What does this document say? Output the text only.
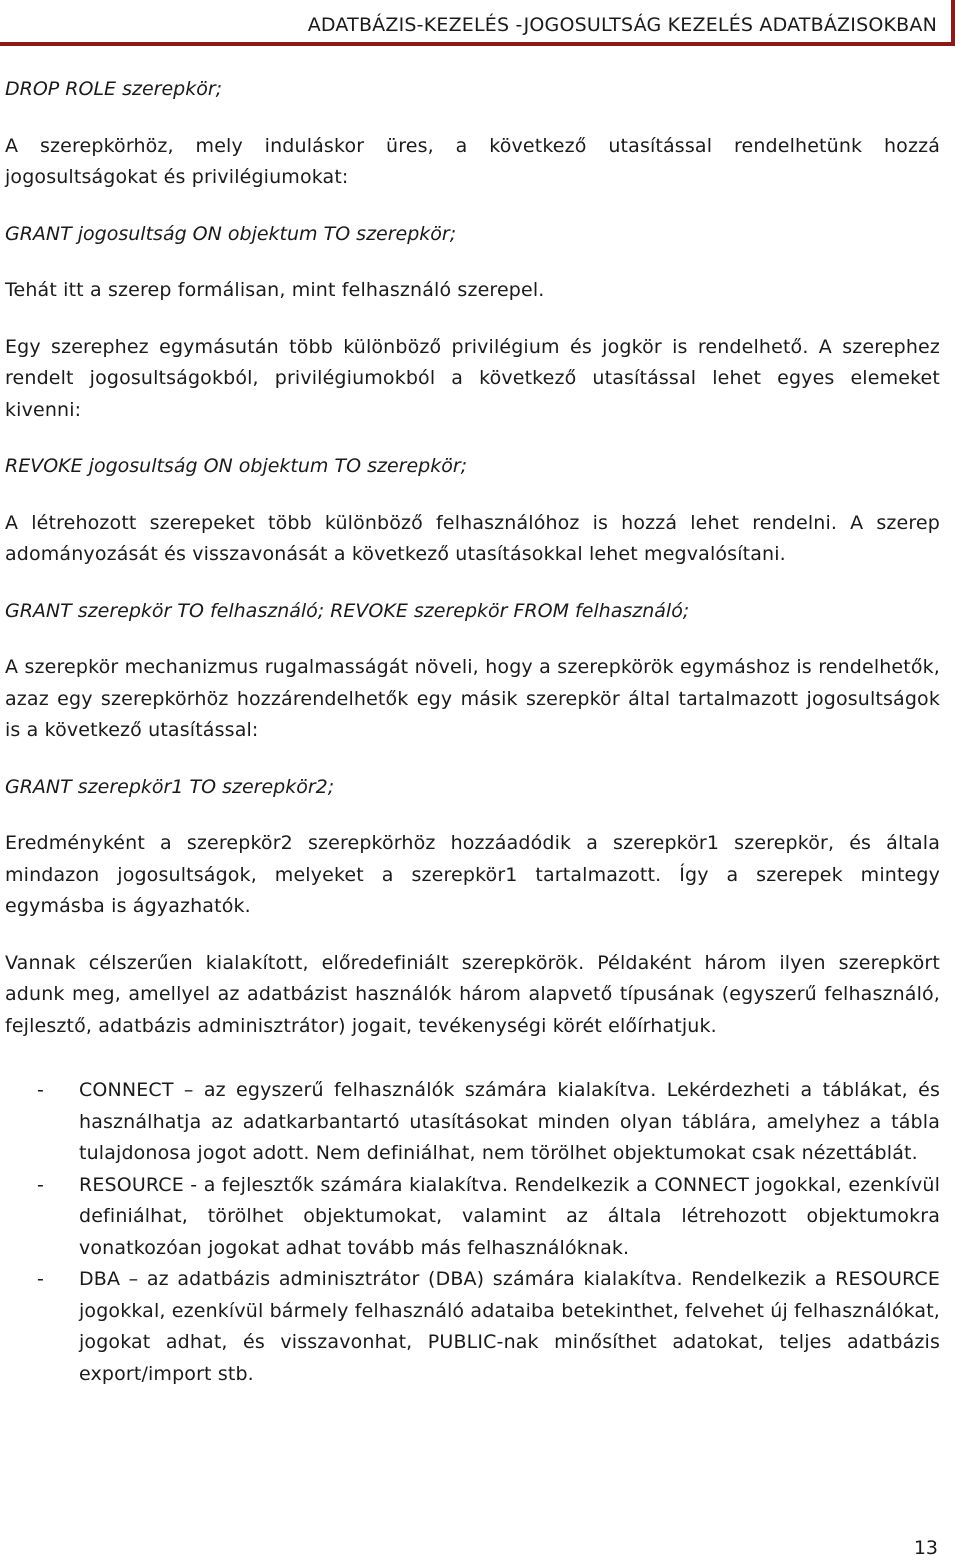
ADATBÁZIS-KEZELÉS -JOGOSULTSÁG KEZELÉS ADATBÁZISOKBAN

DROP ROLE szerepkör;

A szerepkörhöz, mely induláskor üres, a következő utasítással rendelhetünk hozzá jogosultságokat és privilégiumokat:

GRANT jogosultság ON objektum TO szerepkör;

Tehát itt a szerep formálisan, mint felhasználó szerepel.

Egy szerephez egymásután több különböző privilégium és jogkör is rendelhető. A szerephez rendelt jogosultságokból, privilégiumokból a következő utasítással lehet egyes elemeket kivenni:

REVOKE jogosultság ON objektum TO szerepkör;

A létrehozott szerepeket több különböző felhasználóhoz is hozzá lehet rendelni. A szerep adományozását és visszavonását a következő utasításokkal lehet megvalósítani.

GRANT szerepkör TO felhasználó; REVOKE szerepkör FROM felhasználó;

A szerepkör mechanizmus rugalmasságát növeli, hogy a szerepkörök egymáshoz is rendelhetők, azaz egy szerepkörhöz hozzárendelhetők egy másik szerepkör által tartalmazott jogosultságok is a következő utasítással:

GRANT szerepkör1 TO szerepkör2;

Eredményként a szerepkör2 szerepkörhöz hozzáadódik a szerepkör1 szerepkör, és általa mindazon jogosultságok, melyeket a szerepkör1 tartalmazott. Így a szerepek mintegy egymásba is ágyazhatók.

Vannak célszerűen kialakított, előredefiniált szerepkörök. Példaként három ilyen szerepkört adunk meg, amellyel az adatbázist használók három alapvető típusának (egyszerű felhasználó, fejlesztő, adatbázis adminisztrátor) jogait, tevékenységi körét előírhatjuk.

- CONNECT – az egyszerű felhasználók számára kialakítva. Lekérdezheti a táblákat, és használhatja az adatkarbantartó utasításokat minden olyan táblára, amelyhez a tábla tulajdonosa jogot adott. Nem definiálhat, nem törölhet objektumokat csak nézettáblát.

- RESOURCE - a fejlesztők számára kialakítva. Rendelkezik a CONNECT jogokkal, ezenkívül definiálhat, törölhet objektumokat, valamint az általa létrehozott objektumokra vonatkozóan jogokat adhat tovább más felhasználóknak.

- DBA – az adatbázis adminisztrátor (DBA) számára kialakítva. Rendelkezik a RESOURCE jogokkal, ezenkívül bármely felhasználó adataiba betekinthet, felvehet új felhasználókat, jogokat adhat, és visszavonhat, PUBLIC-nak minősíthet adatokat, teljes adatbázis export/import stb.

13
